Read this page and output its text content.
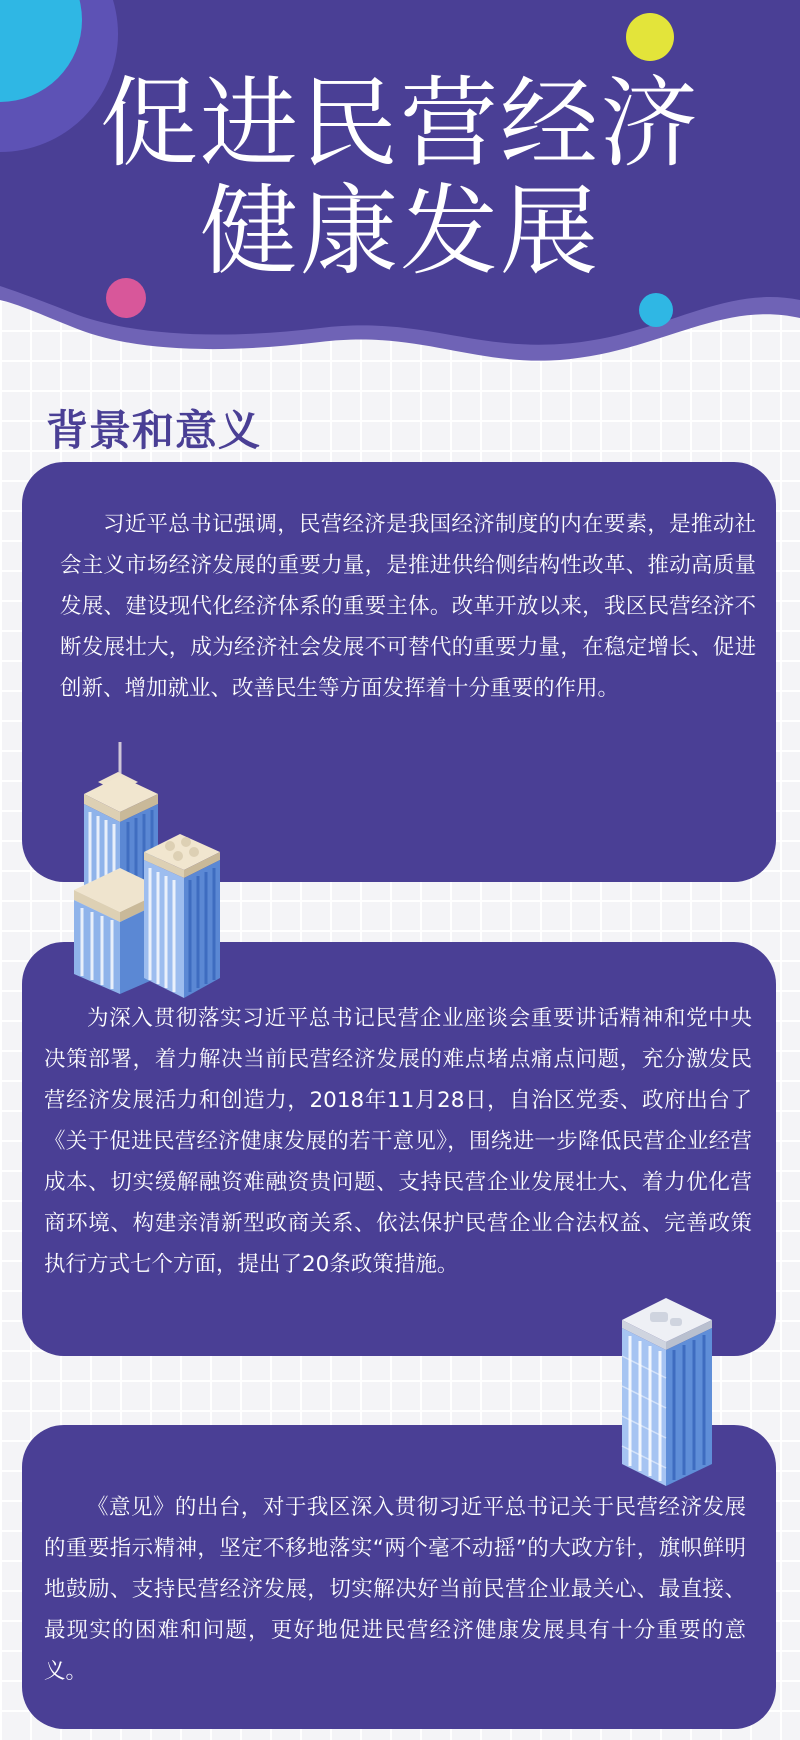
促进民营经济
健康发展
背景和意义

习近平总书记强调，民营经济是我国经济制度的内在要素，是推动社会主义市场经济发展的重要力量，是推进供给侧结构性改革、推动高质量发展、建设现代化经济体系的重要主体。改革开放以来，我区民营经济不断发展壮大，成为经济社会发展不可替代的重要力量，在稳定增长、促进创新、增加就业、改善民生等方面发挥着十分重要的作用。

为深入贯彻落实习近平总书记民营企业座谈会重要讲话精神和党中央决策部署，着力解决当前民营经济发展的难点堵点痛点问题，充分激发民营经济发展活力和创造力，2018年11月28日，自治区党委、政府出台了《关于促进民营经济健康发展的若干意见》，围绕进一步降低民营企业经营成本、切实缓解融资难融资贵问题、支持民营企业发展壮大、着力优化营商环境、构建亲清新型政商关系、依法保护民营企业合法权益、完善政策执行方式七个方面，提出了20条政策措施。

《意见》的出台，对于我区深入贯彻习近平总书记关于民营经济发展的重要指示精神，坚定不移地落实“两个毫不动摇”的大政方针，旗帜鲜明地鼓励、支持民营经济发展，切实解决好当前民营企业最关心、最直接、最现实的困难和问题，更好地促进民营经济健康发展具有十分重要的意义。
